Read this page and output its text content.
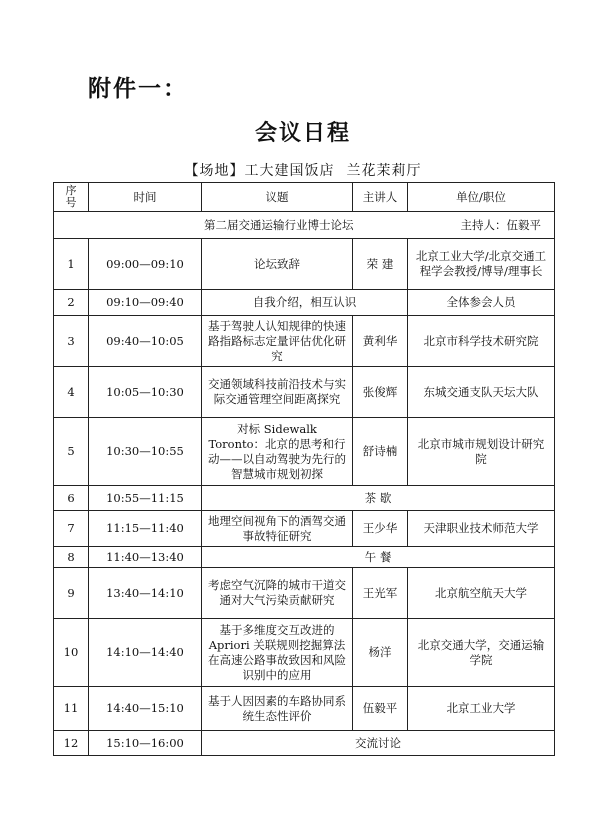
附件一：
会议日程
【场地】工大建国饭店 兰花茉莉厅
序
号	时间	议题	主讲人	单位/职位
第二届交通运输行业博士论坛 主持人：伍毅平				

1	09:00—09:10	论坛致辞	荣 建	北京工业大学/北京交通工程学会教授/博导/理事长
2	09:10—09:40	自我介绍，相互认识		全体参会人员
3	09:40—10:05	基于驾驶人认知规律的快速路指路标志定量评估优化研究	黄利华	北京市科学技术研究院
4	10:05—10:30	交通领域科技前沿技术与实际交通管理空间距离探究	张俊辉	东城交通支队天坛大队
5	10:30—10:55	对标 Sidewalk Toronto：北京的思考和行动——以自动驾驶为先行的智慧城市规划初探	舒诗楠	北京市城市规划设计研究院
6	10:55—11:15	茶 歇		
7	11:15—11:40	地理空间视角下的酒驾交通事故特征研究	王少华	天津职业技术师范大学
8	11:40—13:40	午 餐		
9	13:40—14:10	考虑空气沉降的城市干道交通对大气污染贡献研究	王光军	北京航空航天大学
10	14:10—14:40	基于多维度交互改进的 Apriori 关联规则挖掘算法在高速公路事故致因和风险识别中的应用	杨洋	北京交通大学，交通运输学院
11	14:40—15:10	基于人因因素的车路协同系统生态性评价	伍毅平	北京工业大学
12	15:10—16:00	交流讨论		
